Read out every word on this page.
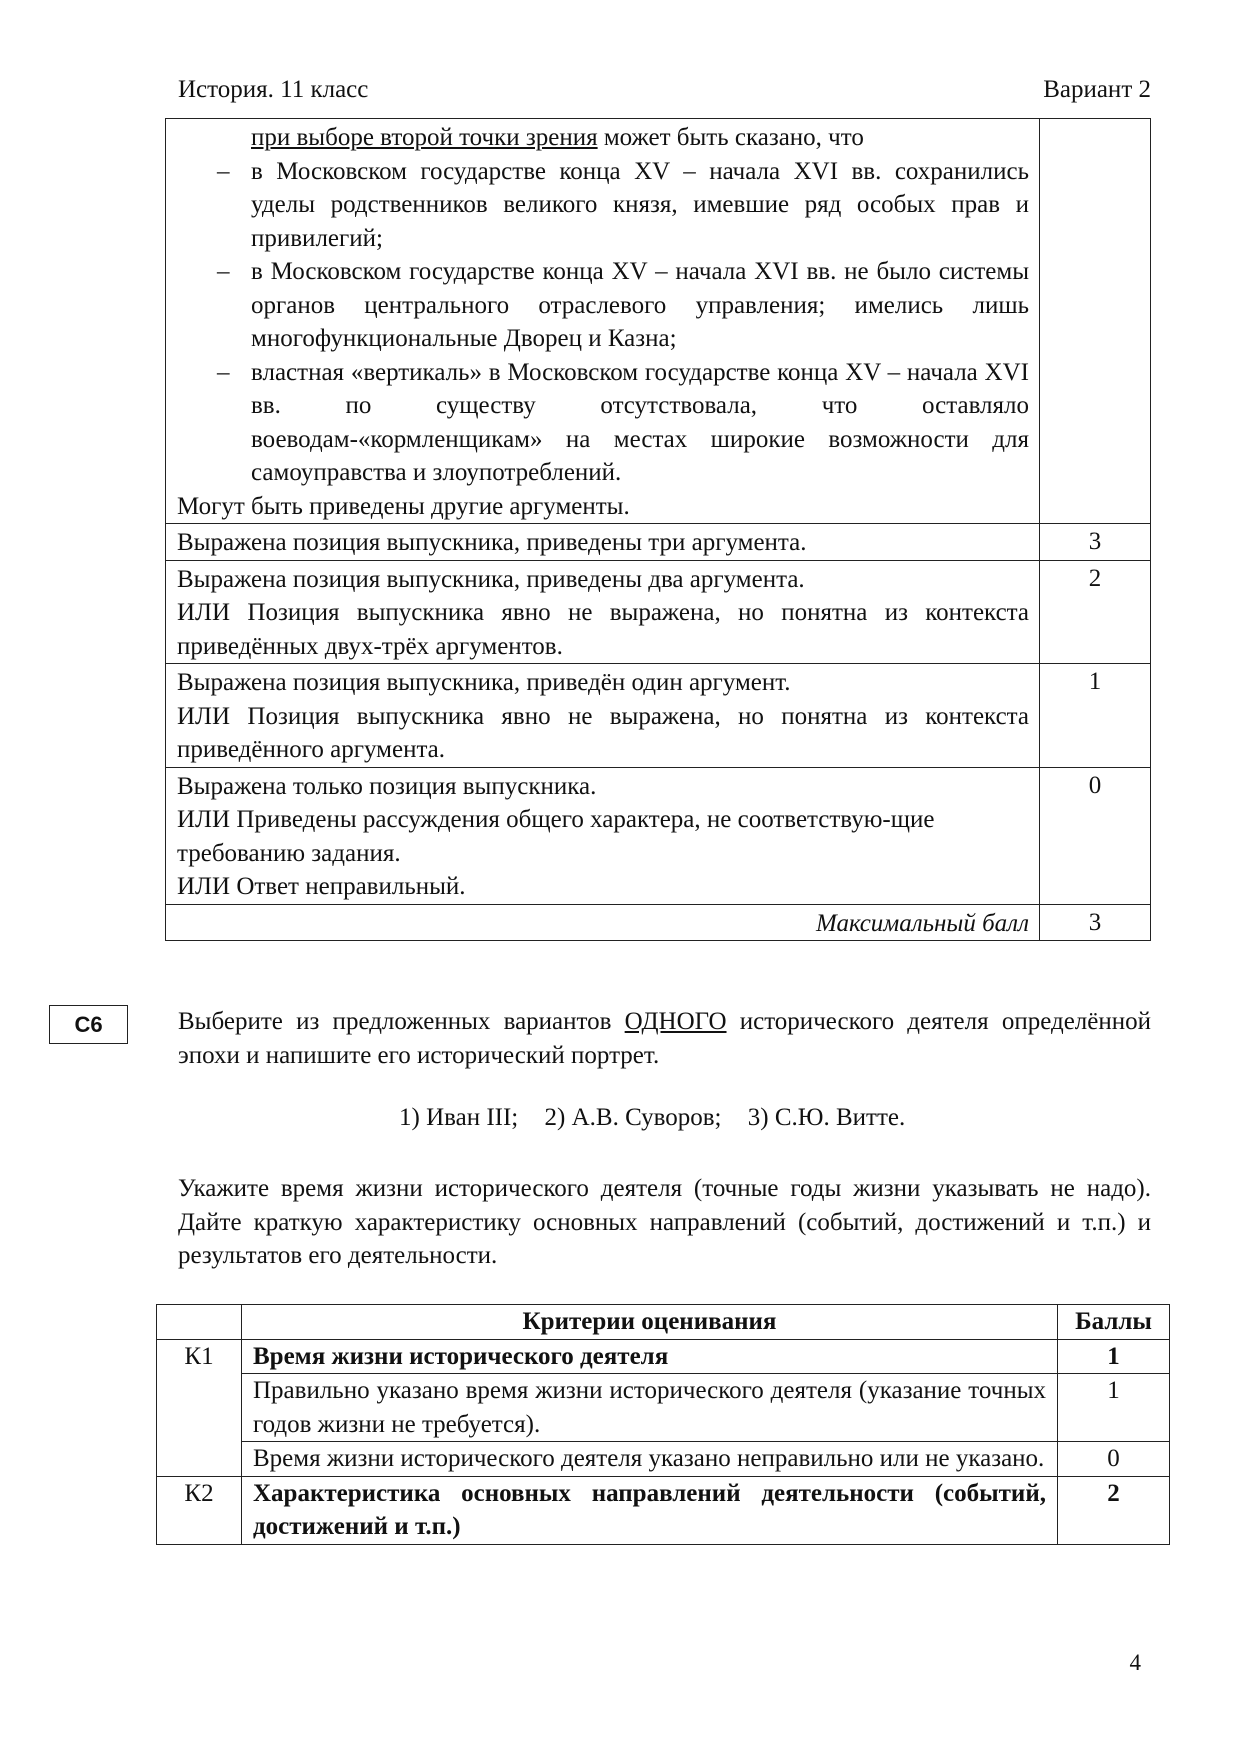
История. 11 класс	Вариант 2
при выборе второй точки зрения может быть сказано, что
– в Московском государстве конца XV – начала XVI вв. сохранились уделы родственников великого князя, имевшие ряд особых прав и привилегий;
– в Московском государстве конца XV – начала XVI вв. не было системы органов центрального отраслевого управления; имелись лишь многофункциональные Дворец и Казна;
– властная «вертикаль» в Московском государстве конца XV – начала XVI вв. по существу отсутствовала, что оставляло воеводам-«кормленщикам» на местах широкие возможности для самоуправства и злоупотреблений.
Могут быть приведены другие аргументы.

Выражена позиция выпускника, приведены три аргумента.	3

Выражена позиция выпускника, приведены два аргумента.
ИЛИ Позиция выпускника явно не выражена, но понятна из контекста приведённых двух-трёх аргументов.	2

Выражена позиция выпускника, приведён один аргумент.
ИЛИ Позиция выпускника явно не выражена, но понятна из контекста приведённого аргумента.	1

Выражена только позиция выпускника.
ИЛИ Приведены рассуждения общего характера, не соответствую-щие требованию задания.
ИЛИ Ответ неправильный.	0
Максимальный балл	3
С6	Выберите из предложенных вариантов ОДНОГО исторического деятеля определённой эпохи и напишите его исторический портрет.
1) Иван III; 2) А.В. Суворов; 3) С.Ю. Витте.
Укажите время жизни исторического деятеля (точные годы жизни указывать не надо). Дайте краткую характеристику основных направлений (событий, достижений и т.п.) и результатов его деятельности.
	Критерии оценивания	Баллы
К1	Время жизни исторического деятеля	1
	Правильно указано время жизни исторического деятеля (указание точных годов жизни не требуется).	1
	Время жизни исторического деятеля указано неправильно или не указано.	0
К2	Характеристика основных направлений деятельности (событий, достижений и т.п.)	2
4
